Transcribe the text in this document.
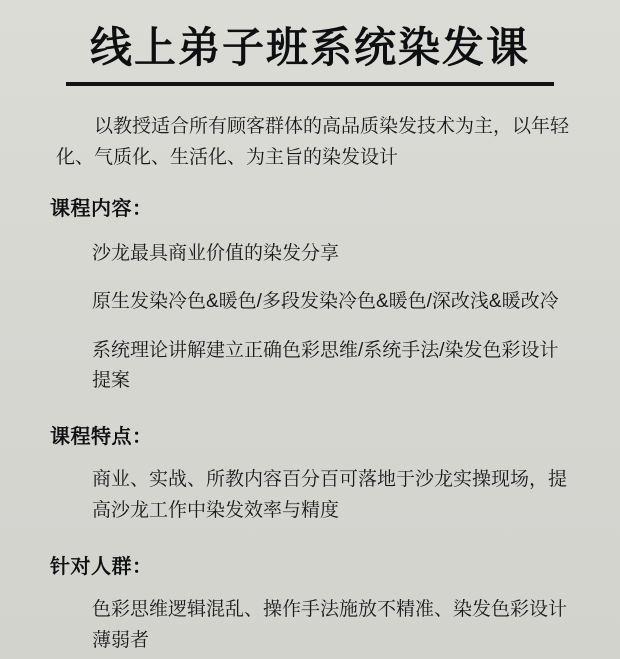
线上弟子班系统染发课
以教授适合所有顾客群体的高品质染发技术为主，以年轻化、气质化、生活化、为主旨的染发设计
课程内容：
沙龙最具商业价值的染发分享
原生发染冷色&暖色/多段发染冷色&暖色/深改浅&暖改冷
系统理论讲解建立正确色彩思维/系统手法/染发色彩设计提案
课程特点：
商业、实战、所教内容百分百可落地于沙龙实操现场，提高沙龙工作中染发效率与精度
针对人群：
色彩思维逻辑混乱、操作手法施放不精准、染发色彩设计薄弱者
